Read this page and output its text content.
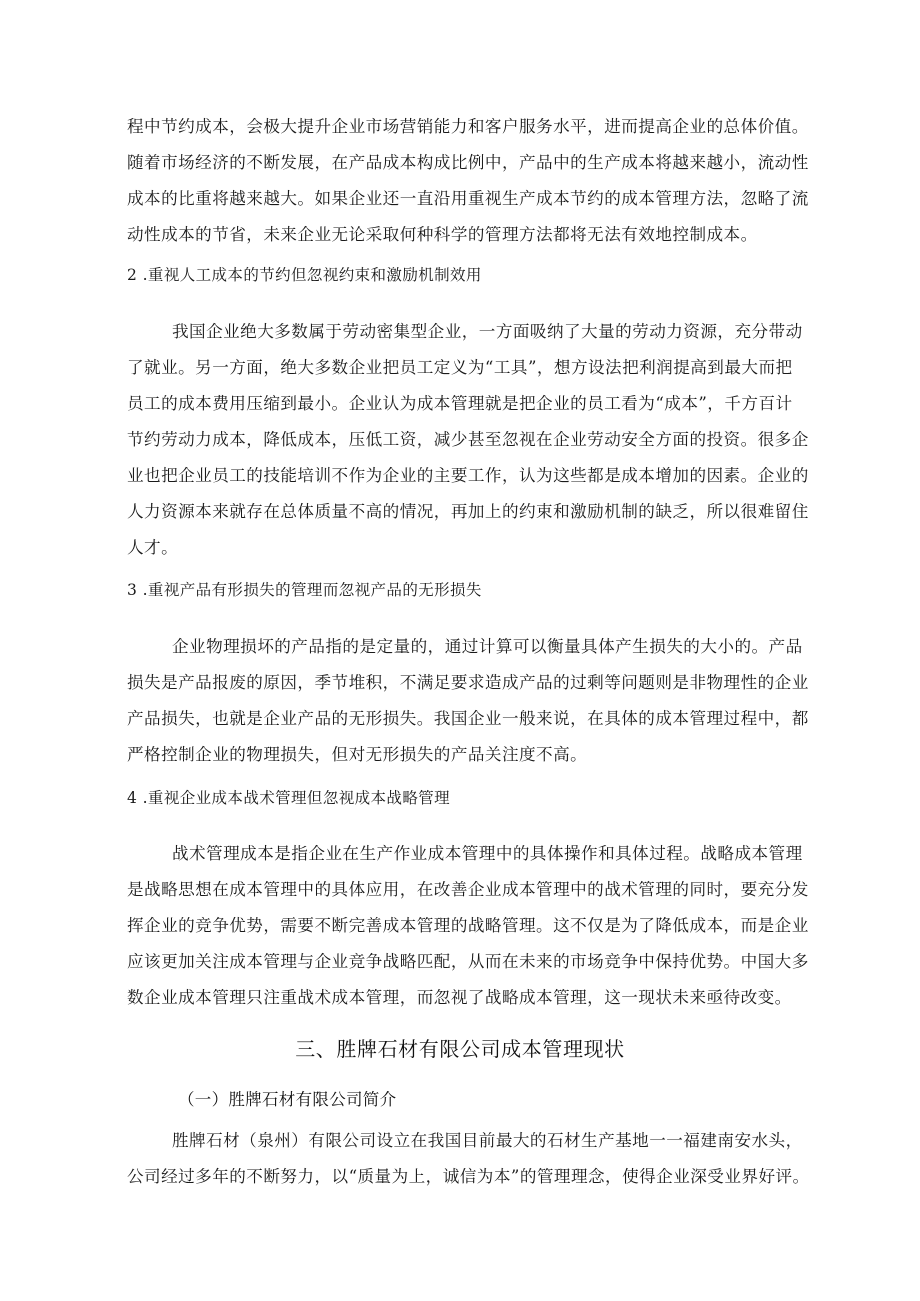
程中节约成本，会极大提升企业市场营销能力和客户服务水平，进而提高企业的总体价值。
随着市场经济的不断发展，在产品成本构成比例中，产品中的生产成本将越来越小，流动性
成本的比重将越来越大。如果企业还一直沿用重视生产成本节约的成本管理方法，忽略了流
动性成本的节省，未来企业无论采取何种科学的管理方法都将无法有效地控制成本。
2 .重视人工成本的节约但忽视约束和激励机制效用
我国企业绝大多数属于劳动密集型企业，一方面吸纳了大量的劳动力资源，充分带动
了就业。另一方面，绝大多数企业把员工定义为“工具”，想方设法把利润提高到最大而把
员工的成本费用压缩到最小。企业认为成本管理就是把企业的员工看为“成本”，千方百计
节约劳动力成本，降低成本，压低工资，减少甚至忽视在企业劳动安全方面的投资。很多企
业也把企业员工的技能培训不作为企业的主要工作，认为这些都是成本增加的因素。企业的
人力资源本来就存在总体质量不高的情况，再加上的约束和激励机制的缺乏，所以很难留住
人才。
3 .重视产品有形损失的管理而忽视产品的无形损失
企业物理损坏的产品指的是定量的，通过计算可以衡量具体产生损失的大小的。产品
损失是产品报废的原因，季节堆积，不满足要求造成产品的过剩等问题则是非物理性的企业
产品损失，也就是企业产品的无形损失。我国企业一般来说，在具体的成本管理过程中，都
严格控制企业的物理损失，但对无形损失的产品关注度不高。
4 .重视企业成本战术管理但忽视成本战略管理
战术管理成本是指企业在生产作业成本管理中的具体操作和具体过程。战略成本管理
是战略思想在成本管理中的具体应用，在改善企业成本管理中的战术管理的同时，要充分发
挥企业的竞争优势，需要不断完善成本管理的战略管理。这不仅是为了降低成本，而是企业
应该更加关注成本管理与企业竞争战略匹配，从而在未来的市场竞争中保持优势。中国大多
数企业成本管理只注重战术成本管理，而忽视了战略成本管理，这一现状未来亟待改变。
三、胜牌石材有限公司成本管理现状
（一）胜牌石材有限公司简介
胜牌石材（泉州）有限公司设立在我国目前最大的石材生产基地一一福建南安水头，
公司经过多年的不断努力，以“质量为上，诚信为本”的管理理念，使得企业深受业界好评。
